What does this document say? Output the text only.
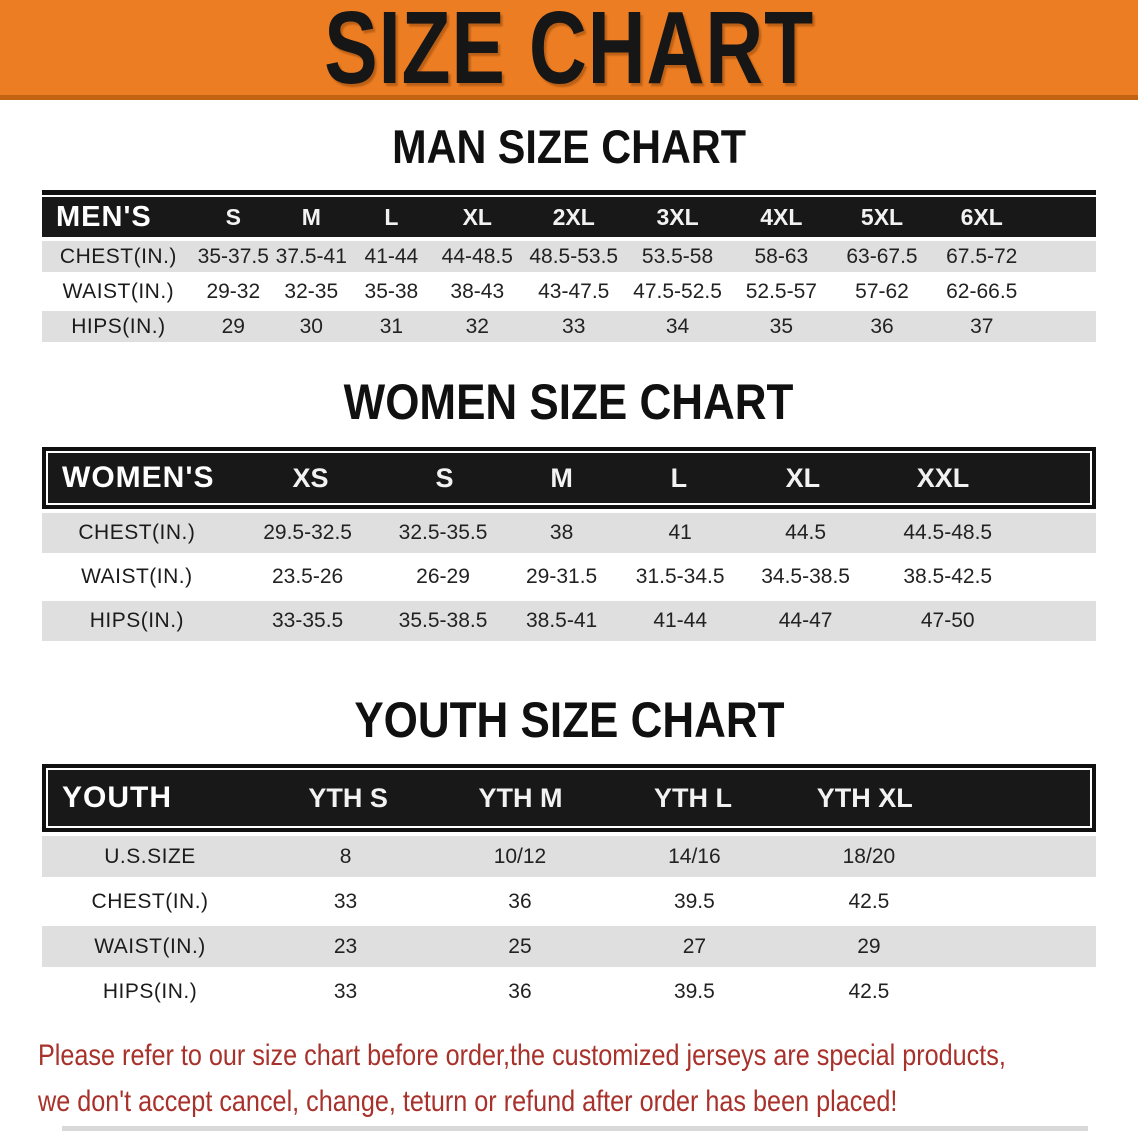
SIZE CHART
MAN SIZE CHART
MEN'S	S	M	L	XL	2XL	3XL	4XL	5XL	6XL
CHEST(IN.) 35-37.5 37.5-41 41-44	44-48.5 48.5-53.5	53.5-58	58-63	63-67.5	67.5-72
WAIST(IN.)	29-32	32-35	35-38	38-43	43-47.5	47.5-52.5	52.5-57	57-62	62-66.5
HIPS(IN.)	29	30	31	32	33	34	35	36	37
WOMEN SIZE CHART
WOMEN'S	XS	S	M	L	XL	XXL
CHEST(IN.)	29.5-32.5	32.5-35.5	38	41	44.5	44.5-48.5
WAIST(IN.)	23.5-26	26-29	29-31.5	31.5-34.5	34.5-38.5	38.5-42.5
HIPS(IN.)	33-35.5	35.5-38.5	38.5-41	41-44	44-47	47-50
YOUTH SIZE CHART
YOUTH	YTH S	YTH M	YTH L	YTH XL
U.S.SIZE	8	10/12	14/16	18/20
CHEST(IN.)	33	36	39.5	42.5
WAIST(IN.)	23	25	27	29
HIPS(IN.)	33	36	39.5	42.5
Please refer to our size chart before order,the customized jerseys are special products,
we don't accept cancel, change, teturn or refund after order has been placed!
